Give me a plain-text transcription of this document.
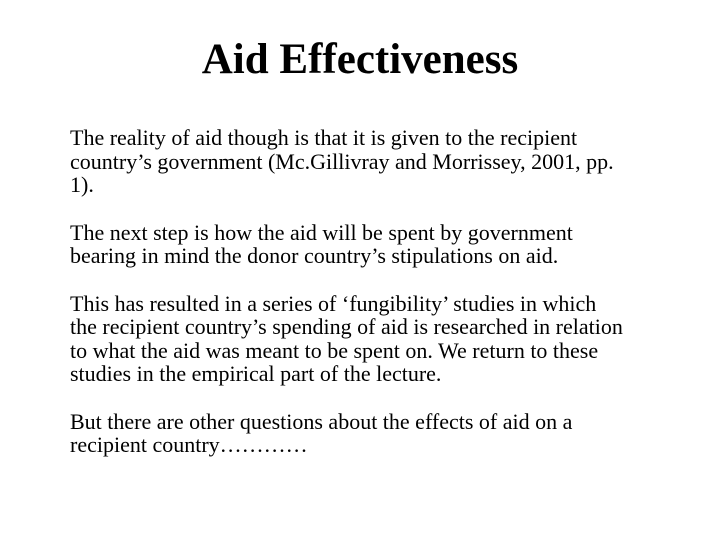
Aid Effectiveness

The reality of aid though is that it is given to the recipient
country’s government (Mc.Gillivray and Morrissey, 2001, pp.
1).

The next step is how the aid will be spent by government
bearing in mind the donor country’s stipulations on aid.

This has resulted in a series of ‘fungibility’ studies in which
the recipient country’s spending of aid is researched in relation
to what the aid was meant to be spent on. We return to these
studies in the empirical part of the lecture.

But there are other questions about the effects of aid on a
recipient country…………
